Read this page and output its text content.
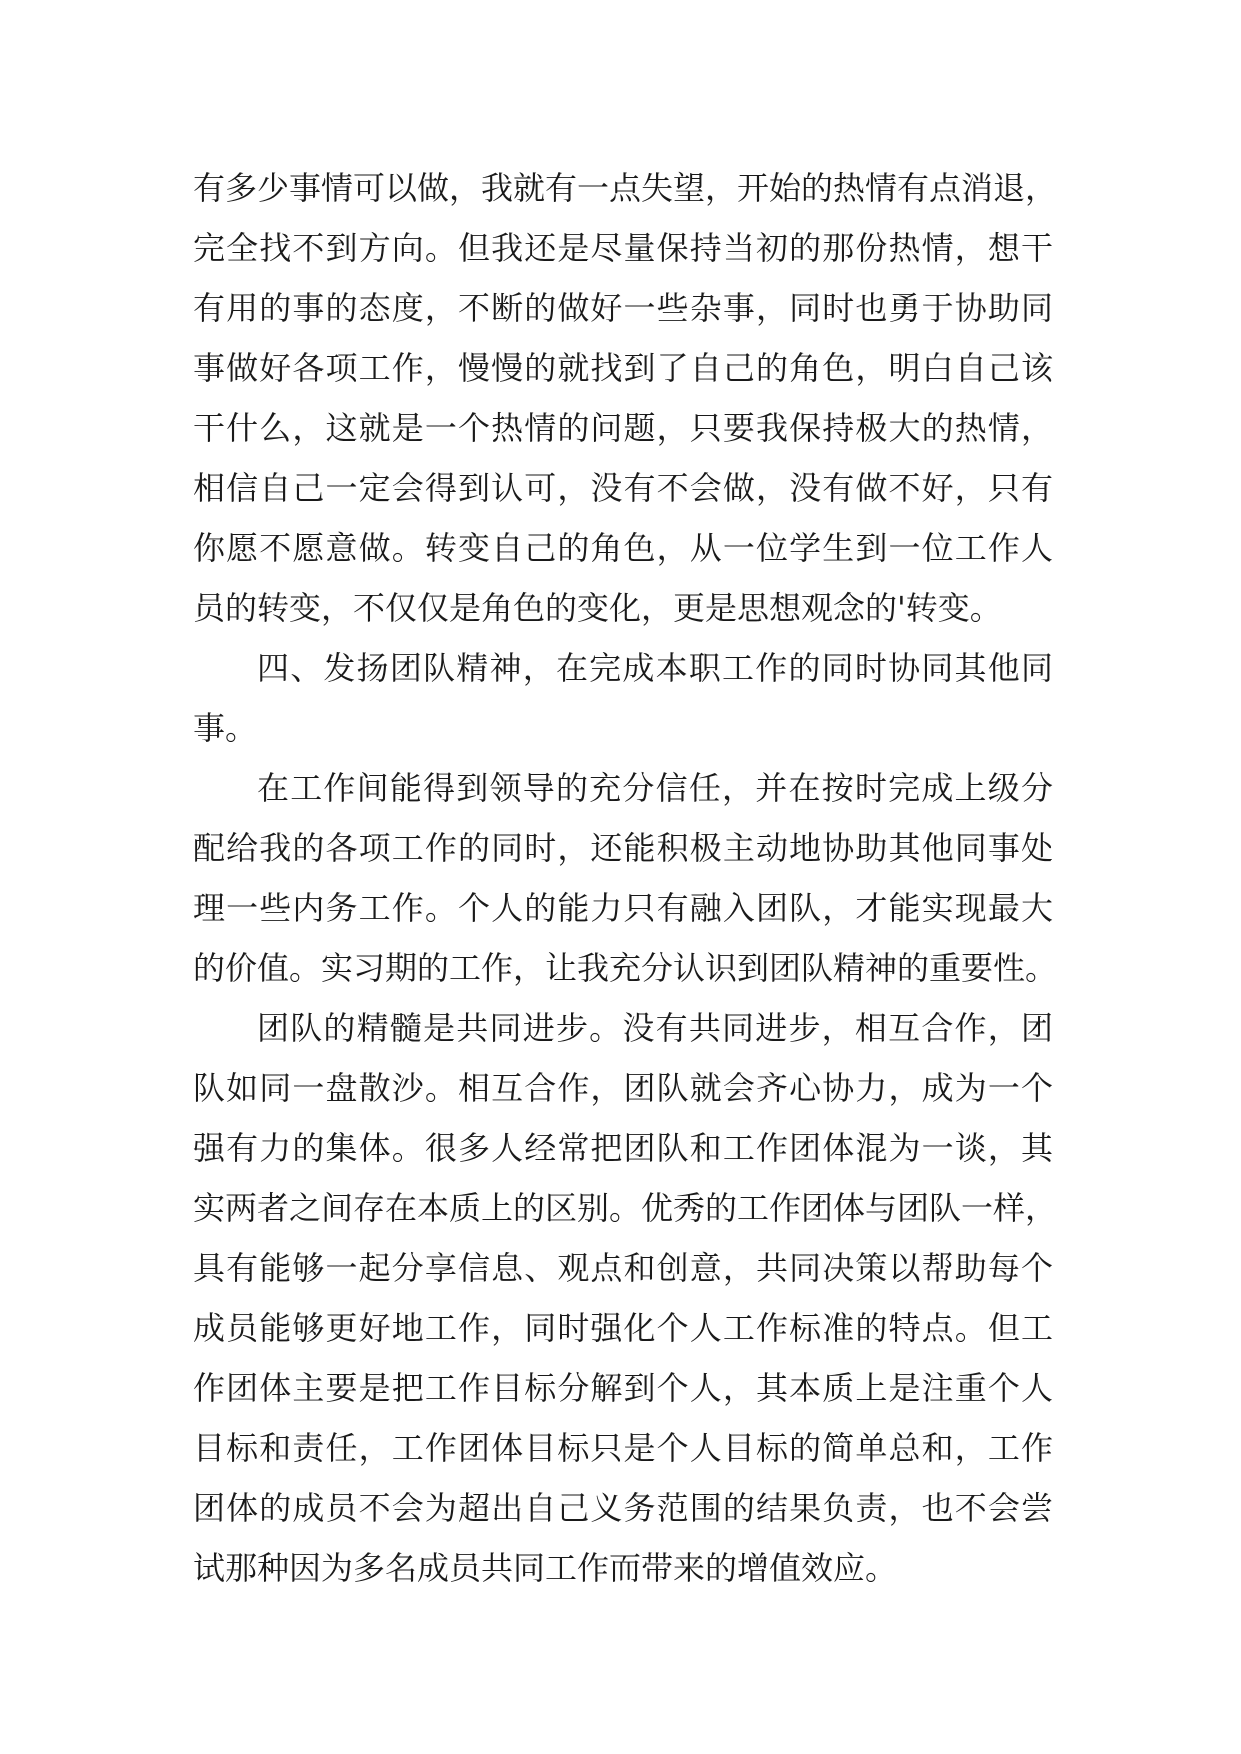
有多少事情可以做，我就有一点失望，开始的热情有点消退，
完全找不到方向。但我还是尽量保持当初的那份热情，想干
有用的事的态度，不断的做好一些杂事，同时也勇于协助同
事做好各项工作，慢慢的就找到了自己的角色，明白自己该
干什么，这就是一个热情的问题，只要我保持极大的热情，
相信自己一定会得到认可，没有不会做，没有做不好，只有
你愿不愿意做。转变自己的角色，从一位学生到一位工作人
员的转变，不仅仅是角色的变化，更是思想观念的'转变。
四、发扬团队精神，在完成本职工作的同时协同其他同
事。
在工作间能得到领导的充分信任，并在按时完成上级分
配给我的各项工作的同时，还能积极主动地协助其他同事处
理一些内务工作。个人的能力只有融入团队，才能实现最大
的价值。实习期的工作，让我充分认识到团队精神的重要性。
团队的精髓是共同进步。没有共同进步，相互合作，团
队如同一盘散沙。相互合作，团队就会齐心协力，成为一个
强有力的集体。很多人经常把团队和工作团体混为一谈，其
实两者之间存在本质上的区别。优秀的工作团体与团队一样，
具有能够一起分享信息、观点和创意，共同决策以帮助每个
成员能够更好地工作，同时强化个人工作标准的特点。但工
作团体主要是把工作目标分解到个人，其本质上是注重个人
目标和责任，工作团体目标只是个人目标的简单总和，工作
团体的成员不会为超出自己义务范围的结果负责，也不会尝
试那种因为多名成员共同工作而带来的增值效应。
